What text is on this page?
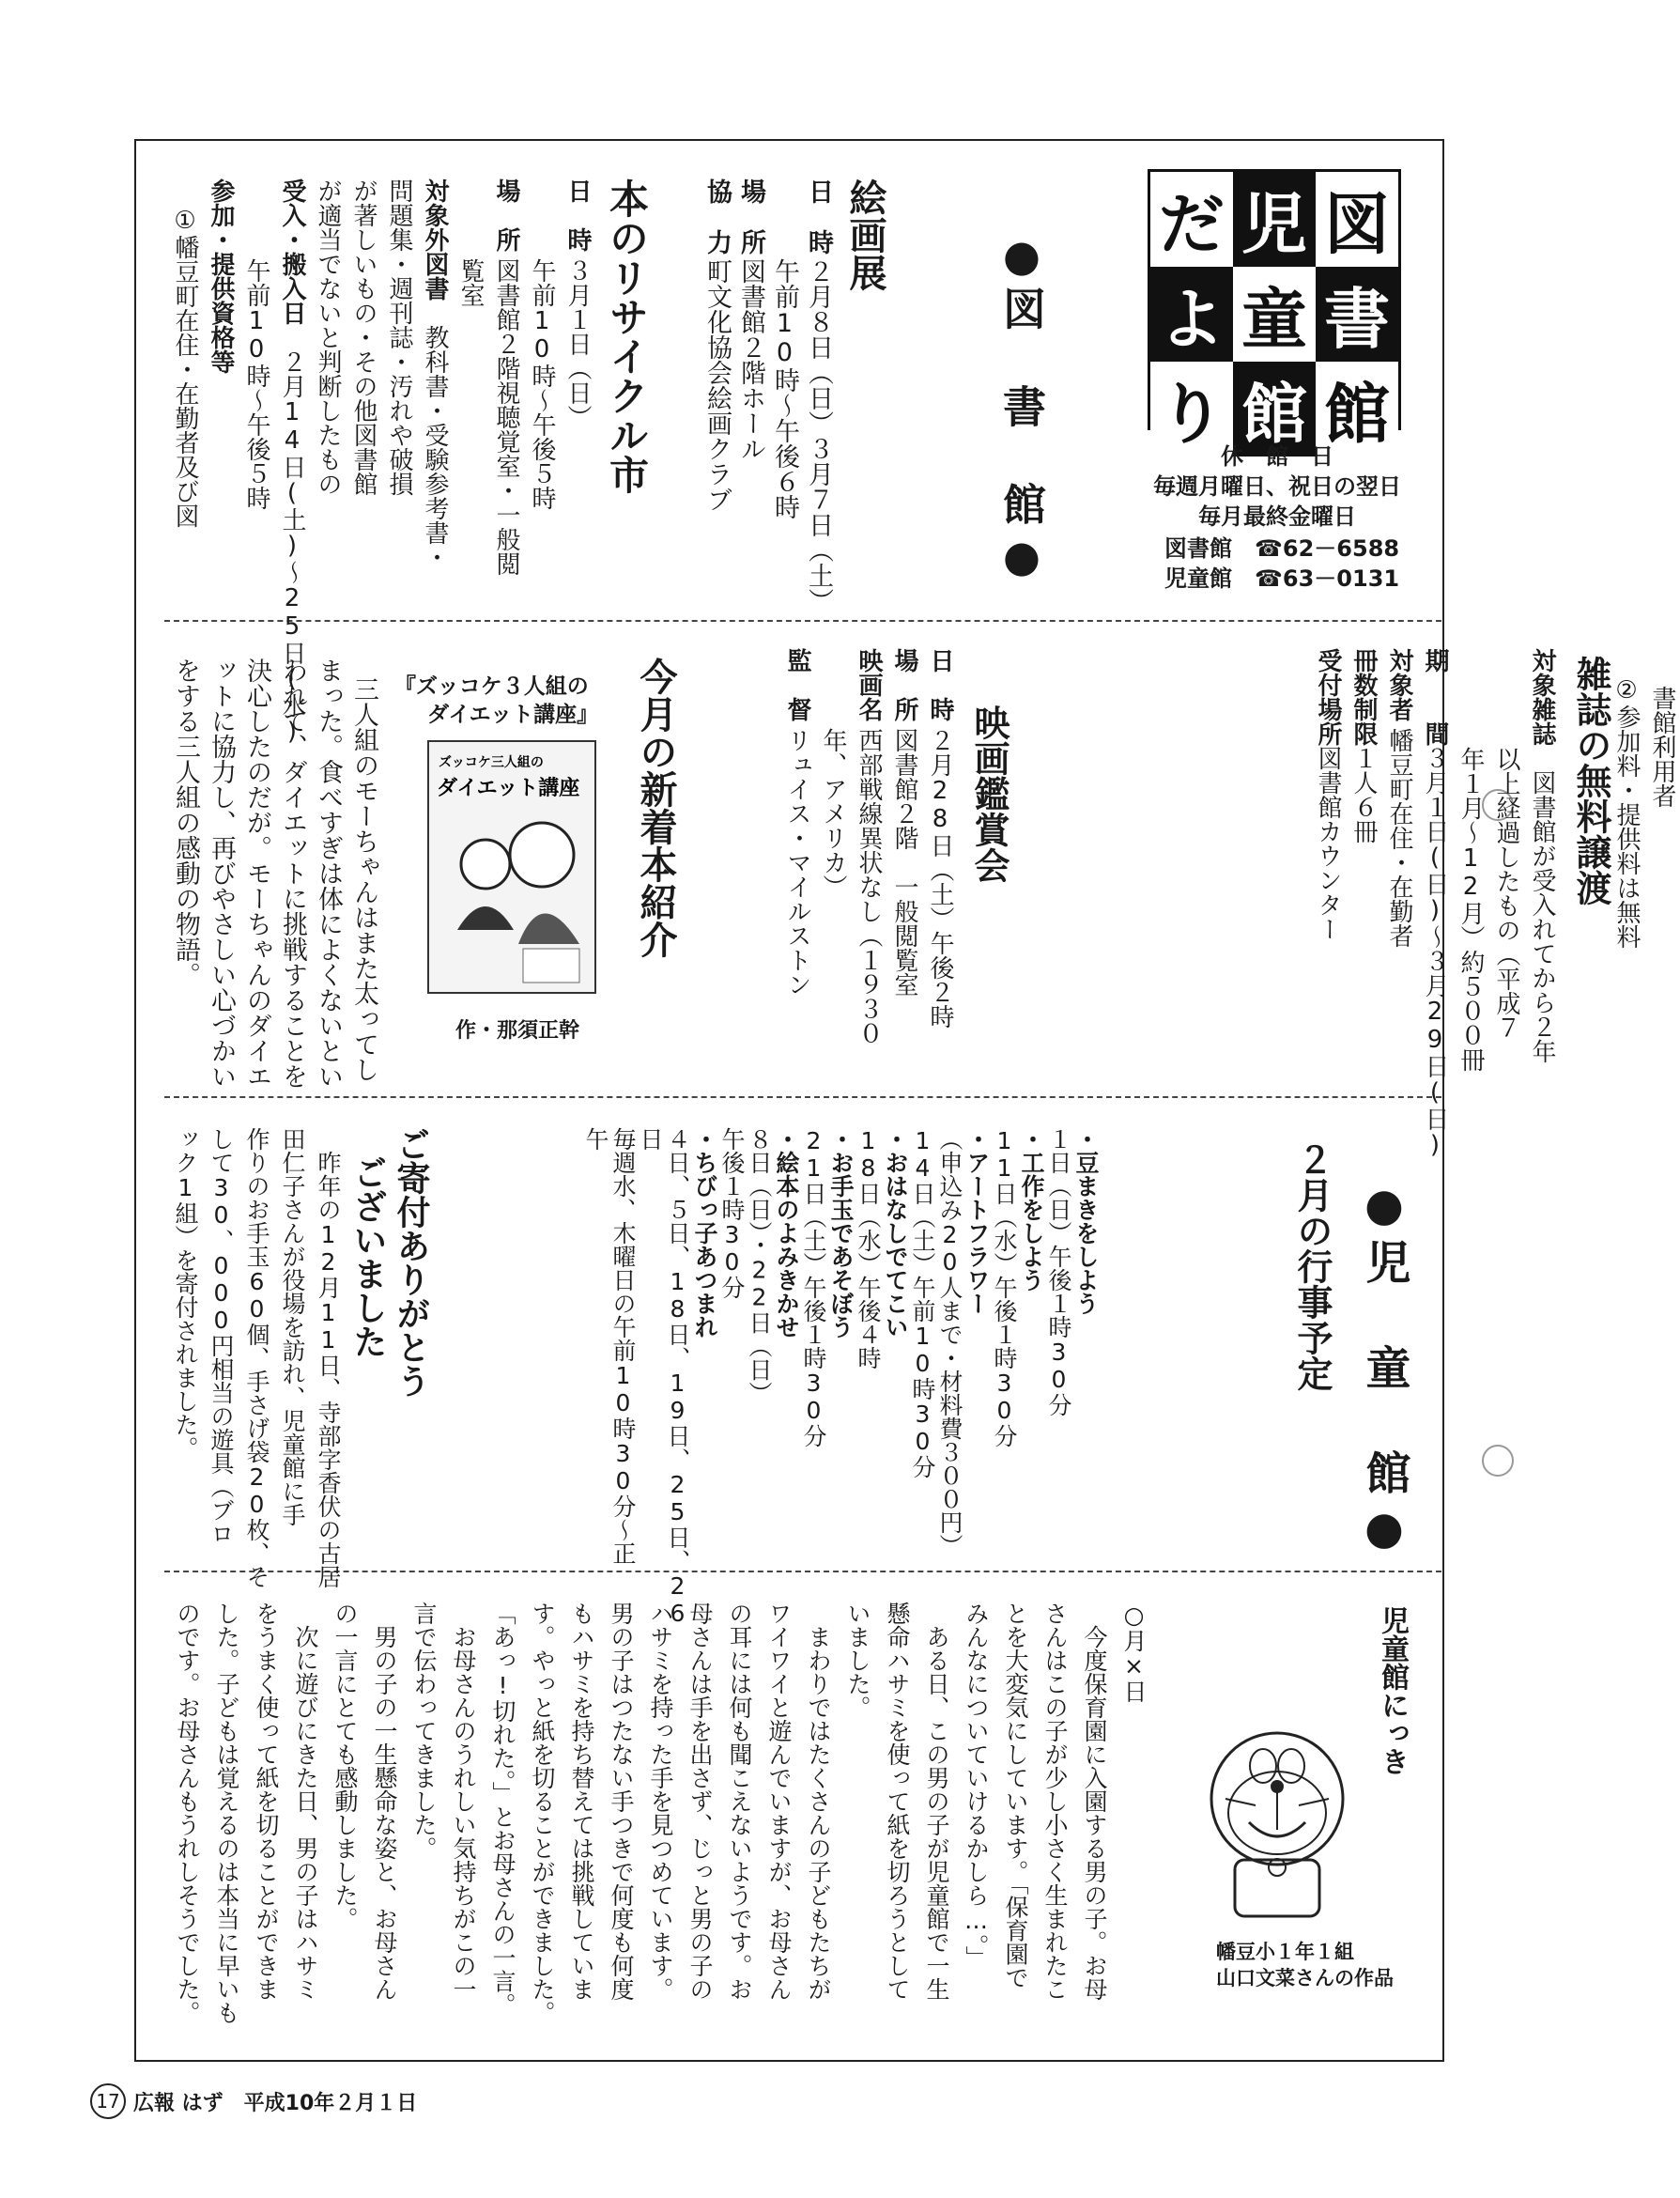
だ 児 図
よ 童 書
り 館 館
休　館　日
毎週月曜日、祝日の翌日
毎月最終金曜日
図書館　☎62－6588
児童館　☎63－0131
●図　書　館●
絵画展
日　時２月８日（日）３月７日（土）
午前10時～午後６時
場　所図書館２階ホール
協　力町文化協会絵画クラブ
本のリサイクル市
日　時３月１日（日）
午前10時～午後５時
場　所図書館２階視聴覚室・一般閲
覧室
対象外図書　教科書・受験参考書・
問題集・週刊誌・汚れや破損
が著しいもの・その他図書館
が適当でないと判断したもの
受入・搬入日　２月14日(土)～25日(水)
午前10時～午後５時
参加・提供資格等
①幡豆町在住・在勤者及び図
書館利用者
②参加料・提供料は無料
雑誌の無料譲渡
対象雑誌　図書館が受入れてから２年
以上経過したもの（平成７
年１月～12月）約５００冊
期　　間３月１日(日)～３月29日(日)
対象者幡豆町在住・在勤者
冊数制限１人６冊
受付場所図書館カウンター
映画鑑賞会
日　時２月28日（土）午後２時
場　所図書館２階　一般閲覧室
映画名西部戦線異状なし（１９３０
年、アメリカ）
監　督リュイス・マイルストン
今月の新着本紹介
『ズッコケ３人組の
ダイエット講座』
ズッコケ三人組の
ダイエット講座
作・那須正幹
三人組のモーちゃんはまた太ってし
まった。食べすぎは体によくないとい
われて、ダイエットに挑戦することを
決心したのだが。モーちゃんのダイエ
ットに協力し、再びやさしい心づかい
をする三人組の感動の物語。
●児　童　館●
２月の行事予定
・豆まきをしよう
１日（日）午後１時30分
・工作をしよう
11日（水）午後１時30分
・アートフラワー
（申込み20人まで・材料費３００円）
14日（土）午前10時30分
・おはなしでてこい
18日（水）午後４時
・お手玉であそぼう
21日（土）午後１時30分
・絵本のよみきかせ
８日（日）・22日（日）
午後１時30分
・ちびっ子あつまれ
４日、５日、18日、19日、25日、26
日
毎週水、木曜日の午前10時30分～正
午
ご寄付ありがとう
ございました
昨年の12月11日、寺部字香伏の古居
田仁子さんが役場を訪れ、児童館に手
作りのお手玉60個、手さげ袋20枚、そ
して30、000円相当の遊具（ブロ
ック1組）を寄付されました。
児童館にっき
幡豆小１年１組
山口文菜さんの作品
○月×日
今度保育園に入園する男の子。お母
さんはこの子が少し小さく生まれたこ
とを大変気にしています。「保育園で
みんなについていけるかしら…。」
ある日、この男の子が児童館で一生
懸命ハサミを使って紙を切ろうとして
いました。
まわりではたくさんの子どもたちが
ワイワイと遊んでいますが、お母さん
の耳には何も聞こえないようです。お
母さんは手を出さず、じっと男の子の
ハサミを持った手を見つめています。
男の子はつたない手つきで何度も何度
もハサミを持ち替えては挑戦していま
す。やっと紙を切ることができました。
「あっ!切れた。」とお母さんの一言。
お母さんのうれしい気持ちがこの一
言で伝わってきました。
男の子の一生懸命な姿と、お母さん
の一言にとても感動しました。
次に遊びにきた日、男の子はハサミ
をうまく使って紙を切ることができま
した。子どもは覚えるのは本当に早いも
のです。お母さんもうれしそうでした。
17 広報 はず　平成10年２月１日
